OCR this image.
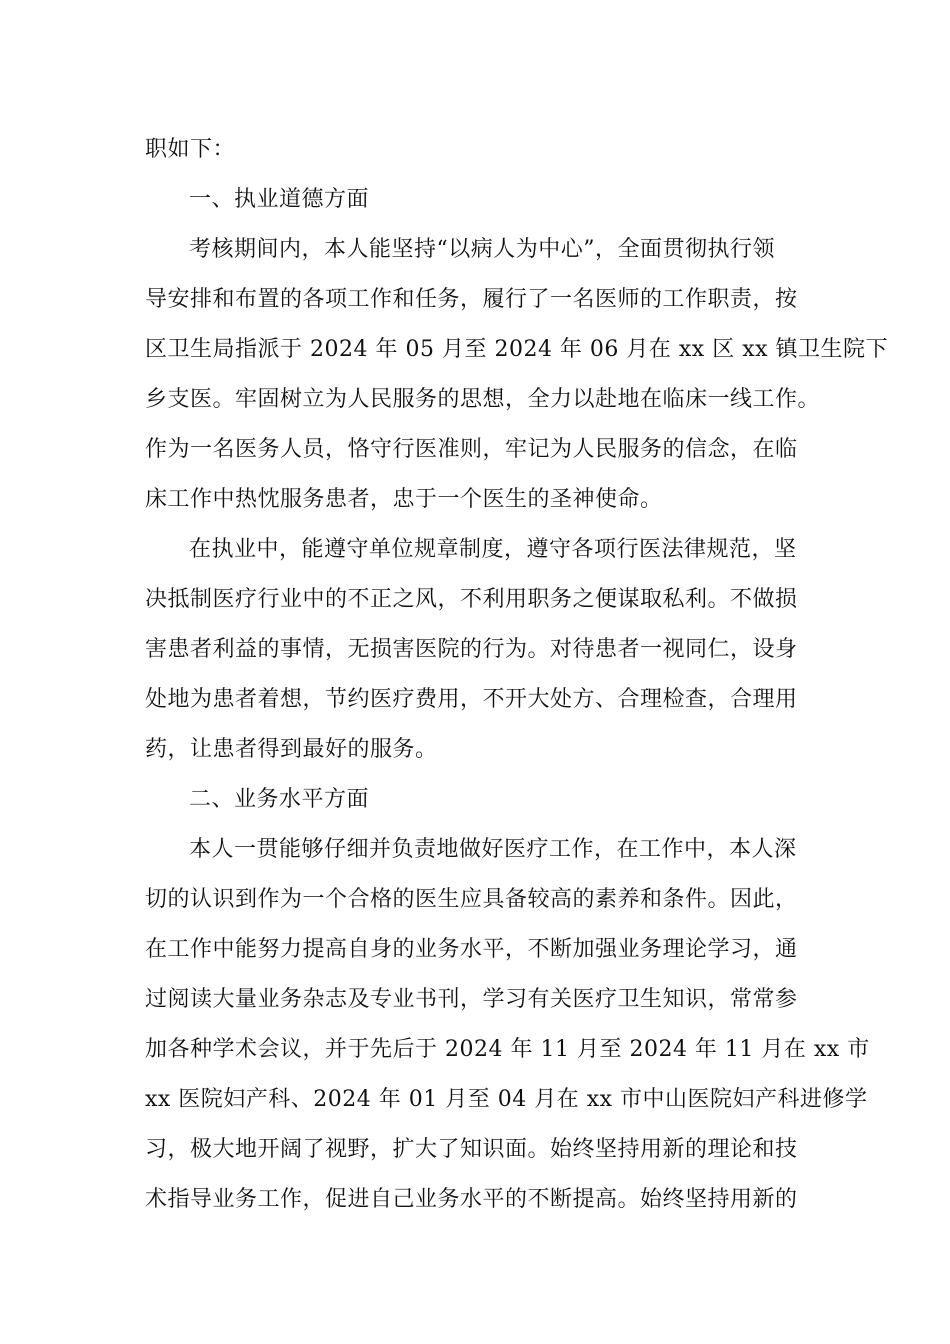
职如下：
一、执业道德方面
考核期间内，本人能坚持“以病人为中心”，全面贯彻执行领
导安排和布置的各项工作和任务，履行了一名医师的工作职责，按
区卫生局指派于 2024 年 05 月至 2024 年 06 月在 xx 区 xx 镇卫生院下
乡支医。牢固树立为人民服务的思想，全力以赴地在临床一线工作。
作为一名医务人员，恪守行医准则，牢记为人民服务的信念，在临
床工作中热忱服务患者，忠于一个医生的圣神使命。
在执业中，能遵守单位规章制度，遵守各项行医法律规范，坚
决抵制医疗行业中的不正之风，不利用职务之便谋取私利。不做损
害患者利益的事情，无损害医院的行为。对待患者一视同仁，设身
处地为患者着想，节约医疗费用，不开大处方、合理检查，合理用
药，让患者得到最好的服务。
二、业务水平方面
本人一贯能够仔细并负责地做好医疗工作，在工作中，本人深
切的认识到作为一个合格的医生应具备较高的素养和条件。因此，
在工作中能努力提高自身的业务水平，不断加强业务理论学习，通
过阅读大量业务杂志及专业书刊，学习有关医疗卫生知识，常常参
加各种学术会议，并于先后于 2024 年 11 月至 2024 年 11 月在 xx 市
xx 医院妇产科、2024 年 01 月至 04 月在 xx 市中山医院妇产科进修学
习，极大地开阔了视野，扩大了知识面。始终坚持用新的理论和技
术指导业务工作，促进自己业务水平的不断提高。始终坚持用新的
